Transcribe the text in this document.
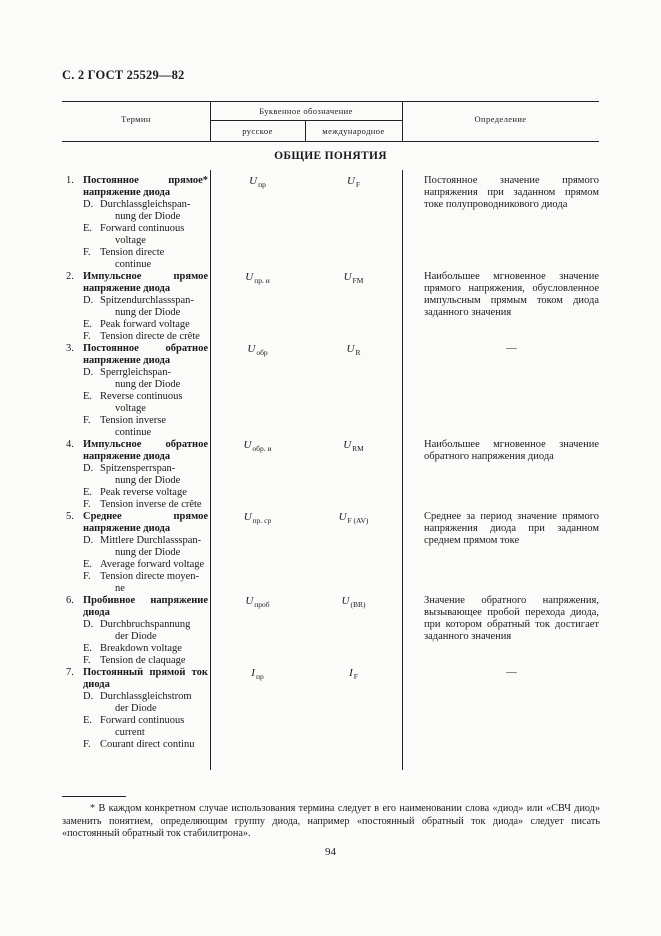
С. 2 ГОСТ 25529—82
Термин
Буквенное обозначение
русское	международное
Определение
ОБЩИЕ ПОНЯТИЯ
1. Постоянное прямое* напряжение диода
D. Durchlassgleichspan-
nung der Diode
E. Forward continuous
voltage
F. Tension directe
continue
$U_{пр}$	$U_F$	Постоянное значение прямого напряжения при заданном прямом токе полупроводникового диода
2. Импульсное прямое напряжение диода
D. Spitzendurchlassspan-
nung der Diode
E. Peak forward voltage
F. Tension directe de crête
$U_{пр. и}$	$U_{FM}$	Наибольшее мгновенное значение прямого напряжения, обусловленное импульсным прямым током диода заданного значения
3. Постоянное обратное напряжение диода
D. Sperrgleichspan-
nung der Diode
E. Reverse continuous
voltage
F. Tension inverse
continue
$U_{обр}$	$U_R$	—
4. Импульсное обратное напряжение диода
D. Spitzensperrspan-
nung der Diode
E. Peak reverse voltage
F. Tension inverse de crête
$U_{обр. и}$	$U_{RM}$	Наибольшее мгновенное значение обратного напряжения диода
5. Среднее прямое напряжение диода
D. Mittlere Durchlassspan-
nung der Diode
E. Average forward voltage
F. Tension directe moyen-
ne
$U_{пр. ср}$	$U_{F (AV)}$	Среднее за период значение прямого напряжения диода при заданном среднем прямом токе
6. Пробивное напряжение диода
D. Durchbruchspannung
der Diode
E. Breakdown voltage
F. Tension de claquage
$U_{проб}$	$U_{(BR)}$	Значение обратного напряжения, вызывающее пробой перехода диода, при котором обратный ток достигает заданного значения
7. Постоянный прямой ток диода
D. Durchlassgleichstrom
der Diode
E. Forward continuous
current
F. Courant direct continu
$I_{пр}$	$I_F$	—
* В каждом конкретном случае использования термина следует в его наименовании слова «диод» или «СВЧ диод» заменить понятием, определяющим группу диода, например «постоянный обратный ток диода» следует писать «постоянный обратный ток стабилитрона».
94
